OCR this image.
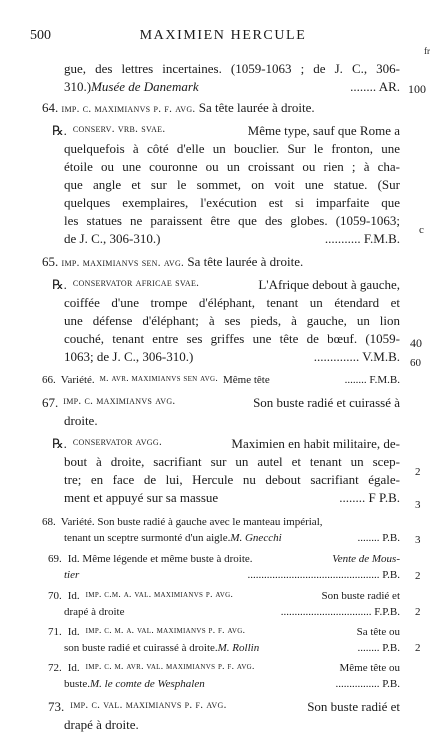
500	MAXIMIEN HERCULE
fr
100
c
40
60
2
3
3
2
2
2
gue, des lettres incertaines. (1059-1063 ; de J. C., 306-
310.) Musée de Danemark	........ AR.
64. imp. c. maximianvs p. f. avg. Sa tête laurée à droite.
℞. conserv. vrb. svae.	Même type, sauf que Rome a
quelquefois à côté d'elle un bouclier. Sur le fronton, une
étoile ou une couronne ou un croissant ou rien ; à cha-
que angle et sur le sommet, on voit une statue. (Sur
quelques exemplaires, l'exécution est si imparfaite que
les statues ne paraissent être que des globes. (1059-1063;
de J. C., 306-310.)	........... F.M.B.
65. imp. maximianvs sen. avg. Sa tête laurée à droite.
℞. conservator africae svae.	L'Afrique debout à gauche,
coiffée d'une trompe d'éléphant, tenant un étendard et
une défense d'éléphant; à ses pieds, à gauche, un lion
couché, tenant entre ses griffes une tête de bœuf. (1059-
1063; de J. C., 306-310.)	.............. V.M.B.
66. Variété. m. avr. maximianvs sen avg. Même tête	........ F.M.B.
67. imp. c. maximianvs avg.	Son buste radié et cuirassé à
droite.
℞. conservator avgg.	Maximien en habit militaire, de-
bout à droite, sacrifiant sur un autel et tenant un scep-
tre; en face de lui, Hercule nu debout sacrifiant égale-
ment et appuyé sur sa massue	........ F P.B.
68. Variété. Son buste radié à gauche avec le manteau impérial,
tenant un sceptre surmonté d'un aigle. M. Gnecchi	........ P.B.
69. Id. Même légende et même buste à droite.	Vente de Mous-
tier	................................................ P.B.
70. Id. imp. c.m. a. val. maximianvs p. avg.	Son buste radié et
drapé à droite	................................. F.P.B.
71. Id. imp. c. m. a. val. maximianvs p. f. avg.	Sa tête ou
son buste radié et cuirassé à droite. M. Rollin	........ P.B.
72. Id. imp. c. m. avr. val. maximianvs p. f. avg.	Même tête ou
buste. M. le comte de Wesphalen	................ P.B.
73. imp. c. val. maximianvs p. f. avg.	Son buste radié et
drapé à droite.
